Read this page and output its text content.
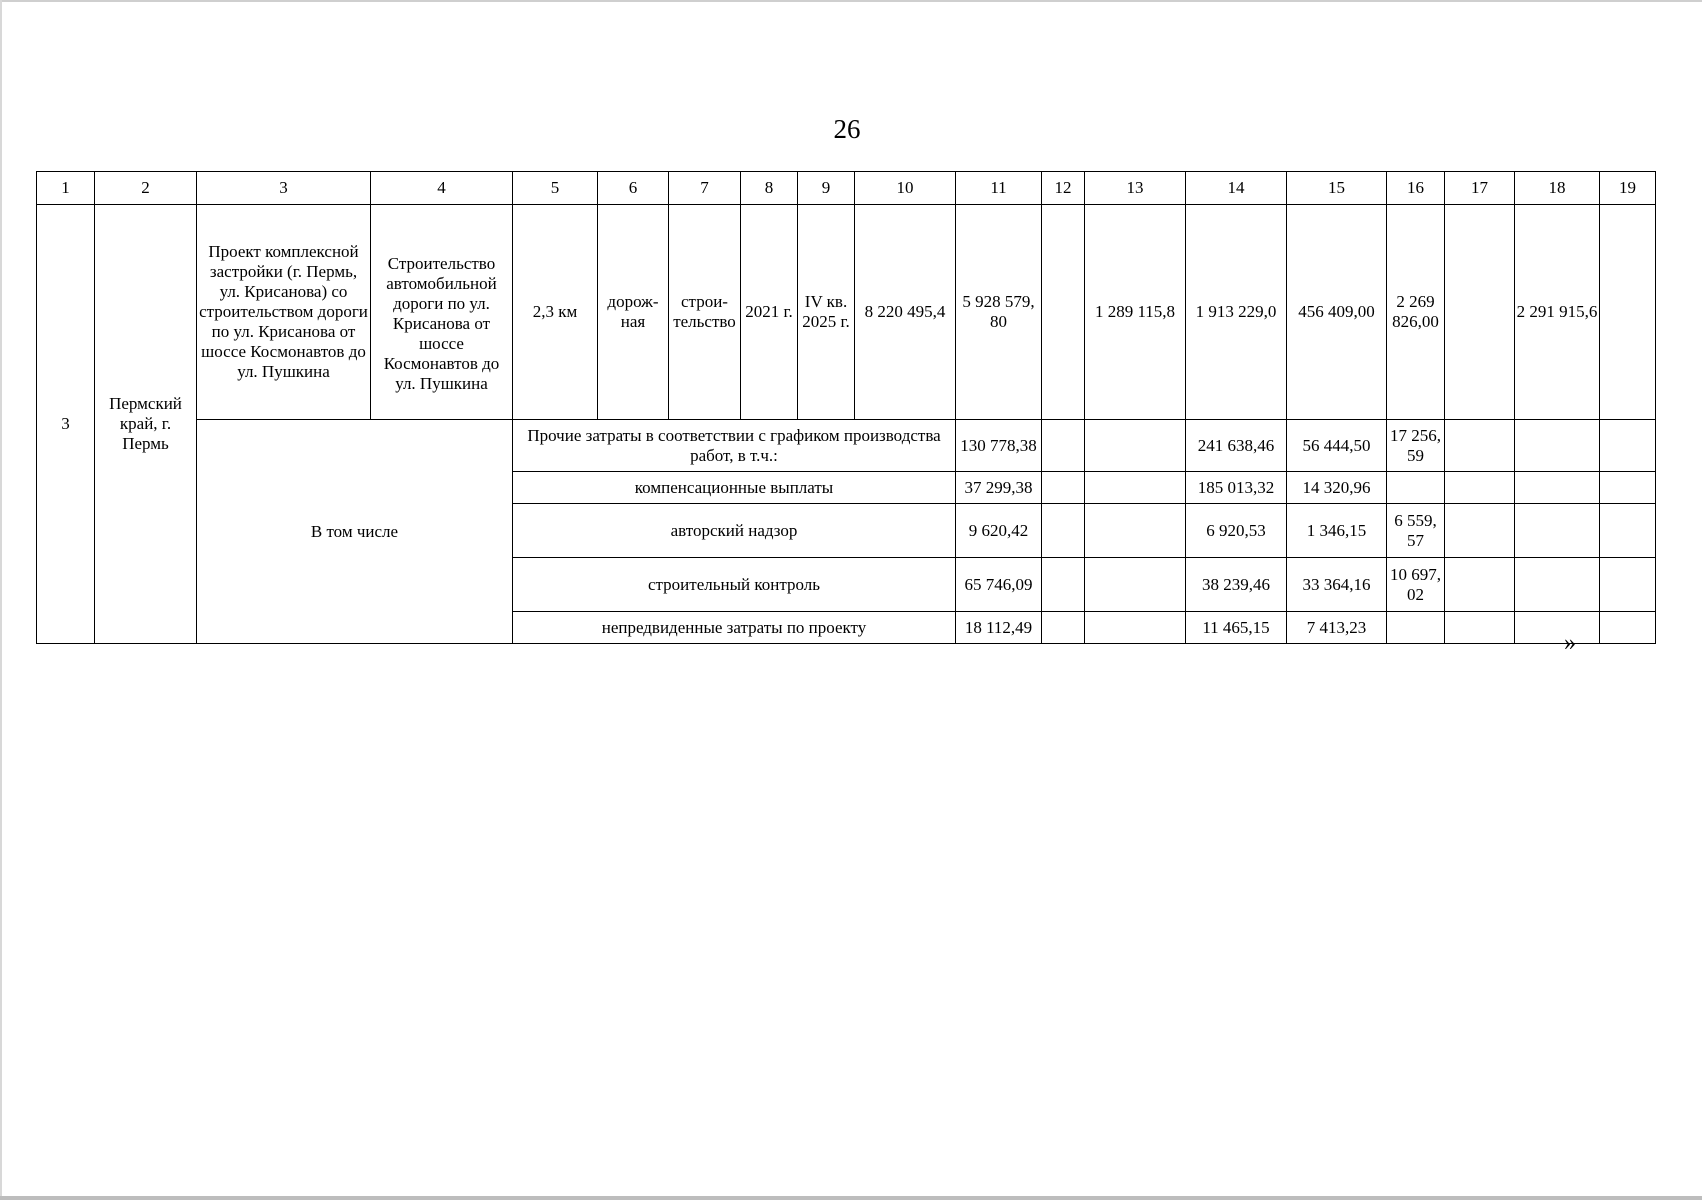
26
1	2	3	4	5	6	7	8	9	10	11	12	13	14	15	16	17	18	19
3	Пермский край, г. Пермь	Проект комплексной застройки (г. Пермь, ул. Крисанова) со строительством дороги по ул. Крисанова от шоссе Космонавтов до ул. Пушкина	Строительство автомобильной дороги по ул. Крисанова от шоссе Космонавтов до ул. Пушкина	2,3 км	дорож-ная	строи-тельство	2021 г.	IV кв. 2025 г.	8 220 495,4	5 928 579, 80		1 289 115,8	1 913 229,0	456 409,00	2 269 826,00		2 291 915,6	
		В том числе		Прочие затраты в соответствии с графиком производства работ, в т.ч.:						130 778,38			241 638,46	56 444,50	17 256, 59			
				компенсационные выплаты						37 299,38			185 013,32	14 320,96				
				авторский надзор						9 620,42			6 920,53	1 346,15	6 559, 57			
				строительный контроль						65 746,09			38 239,46	33 364,16	10 697, 02			
				непредвиденные затраты по проекту						18 112,49			11 465,15	7 413,23				
»
